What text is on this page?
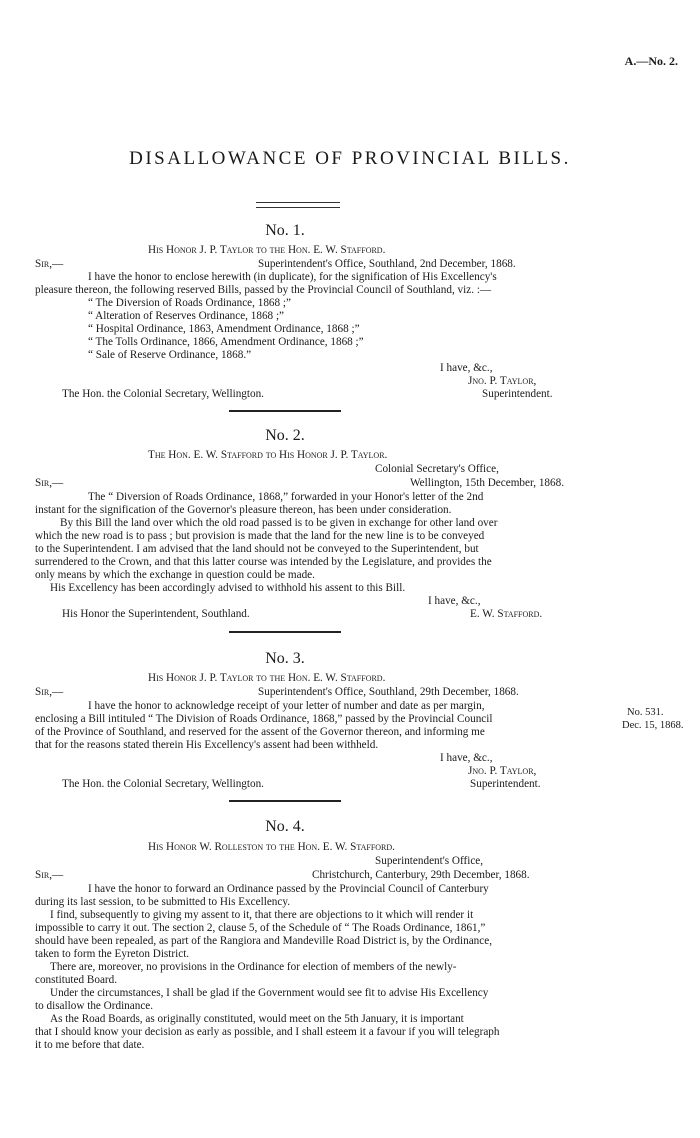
A.—No. 2.
DISALLOWANCE OF PROVINCIAL BILLS.
No. 1.
His Honor J. P. Taylor to the Hon. E. W. Stafford.
Sir,—	Superintendent's Office, Southland, 2nd December, 1868.
I have the honor to enclose herewith (in duplicate), for the signification of His Excellency's
pleasure thereon, the following reserved Bills, passed by the Provincial Council of Southland, viz. :—
“ The Diversion of Roads Ordinance, 1868 ;”
“ Alteration of Reserves Ordinance, 1868 ;”
“ Hospital Ordinance, 1863, Amendment Ordinance, 1868 ;”
“ The Tolls Ordinance, 1866, Amendment Ordinance, 1868 ;”
“ Sale of Reserve Ordinance, 1868.”
I have, &c.,
Jno. P. Taylor,
Superintendent.
The Hon. the Colonial Secretary, Wellington.
No. 2.
The Hon. E. W. Stafford to His Honor J. P. Taylor.
Colonial Secretary's Office,
Sir,—	Wellington, 15th December, 1868.
The “ Diversion of Roads Ordinance, 1868,” forwarded in your Honor's letter of the 2nd
instant for the signification of the Governor's pleasure thereon, has been under consideration.
By this Bill the land over which the old road passed is to be given in exchange for other land over
which the new road is to pass ; but provision is made that the land for the new line is to be conveyed
to the Superintendent. I am advised that the land should not be conveyed to the Superintendent, but
surrendered to the Crown, and that this latter course was intended by the Legislature, and provides the
only means by which the exchange in question could be made.
His Excellency has been accordingly advised to withhold his assent to this Bill.
I have, &c.,
His Honor the Superintendent, Southland.	E. W. Stafford.
No. 3.
His Honor J. P. Taylor to the Hon. E. W. Stafford.
Sir,—	Superintendent's Office, Southland, 29th December, 1868.
I have the honor to acknowledge receipt of your letter of number and date as per margin,
enclosing a Bill intituled “ The Division of Roads Ordinance, 1868,” passed by the Provincial Council
of the Province of Southland, and reserved for the assent of the Governor thereon, and informing me
that for the reasons stated therein His Excellency's assent had been withheld.
No. 531.
Dec. 15, 1868.
I have, &c.,
Jno. P. Taylor,
Superintendent.
The Hon. the Colonial Secretary, Wellington.
No. 4.
His Honor W. Rolleston to the Hon. E. W. Stafford.
Superintendent's Office,
Sir,—	Christchurch, Canterbury, 29th December, 1868.
I have the honor to forward an Ordinance passed by the Provincial Council of Canterbury
during its last session, to be submitted to His Excellency.
I find, subsequently to giving my assent to it, that there are objections to it which will render it
impossible to carry it out. The section 2, clause 5, of the Schedule of “ The Roads Ordinance, 1861,”
should have been repealed, as part of the Rangiora and Mandeville Road District is, by the Ordinance,
taken to form the Eyreton District.
There are, moreover, no provisions in the Ordinance for election of members of the newly-
constituted Board.
Under the circumstances, I shall be glad if the Government would see fit to advise His Excellency
to disallow the Ordinance.
As the Road Boards, as originally constituted, would meet on the 5th January, it is important
that I should know your decision as early as possible, and I shall esteem it a favour if you will telegraph
it to me before that date.
